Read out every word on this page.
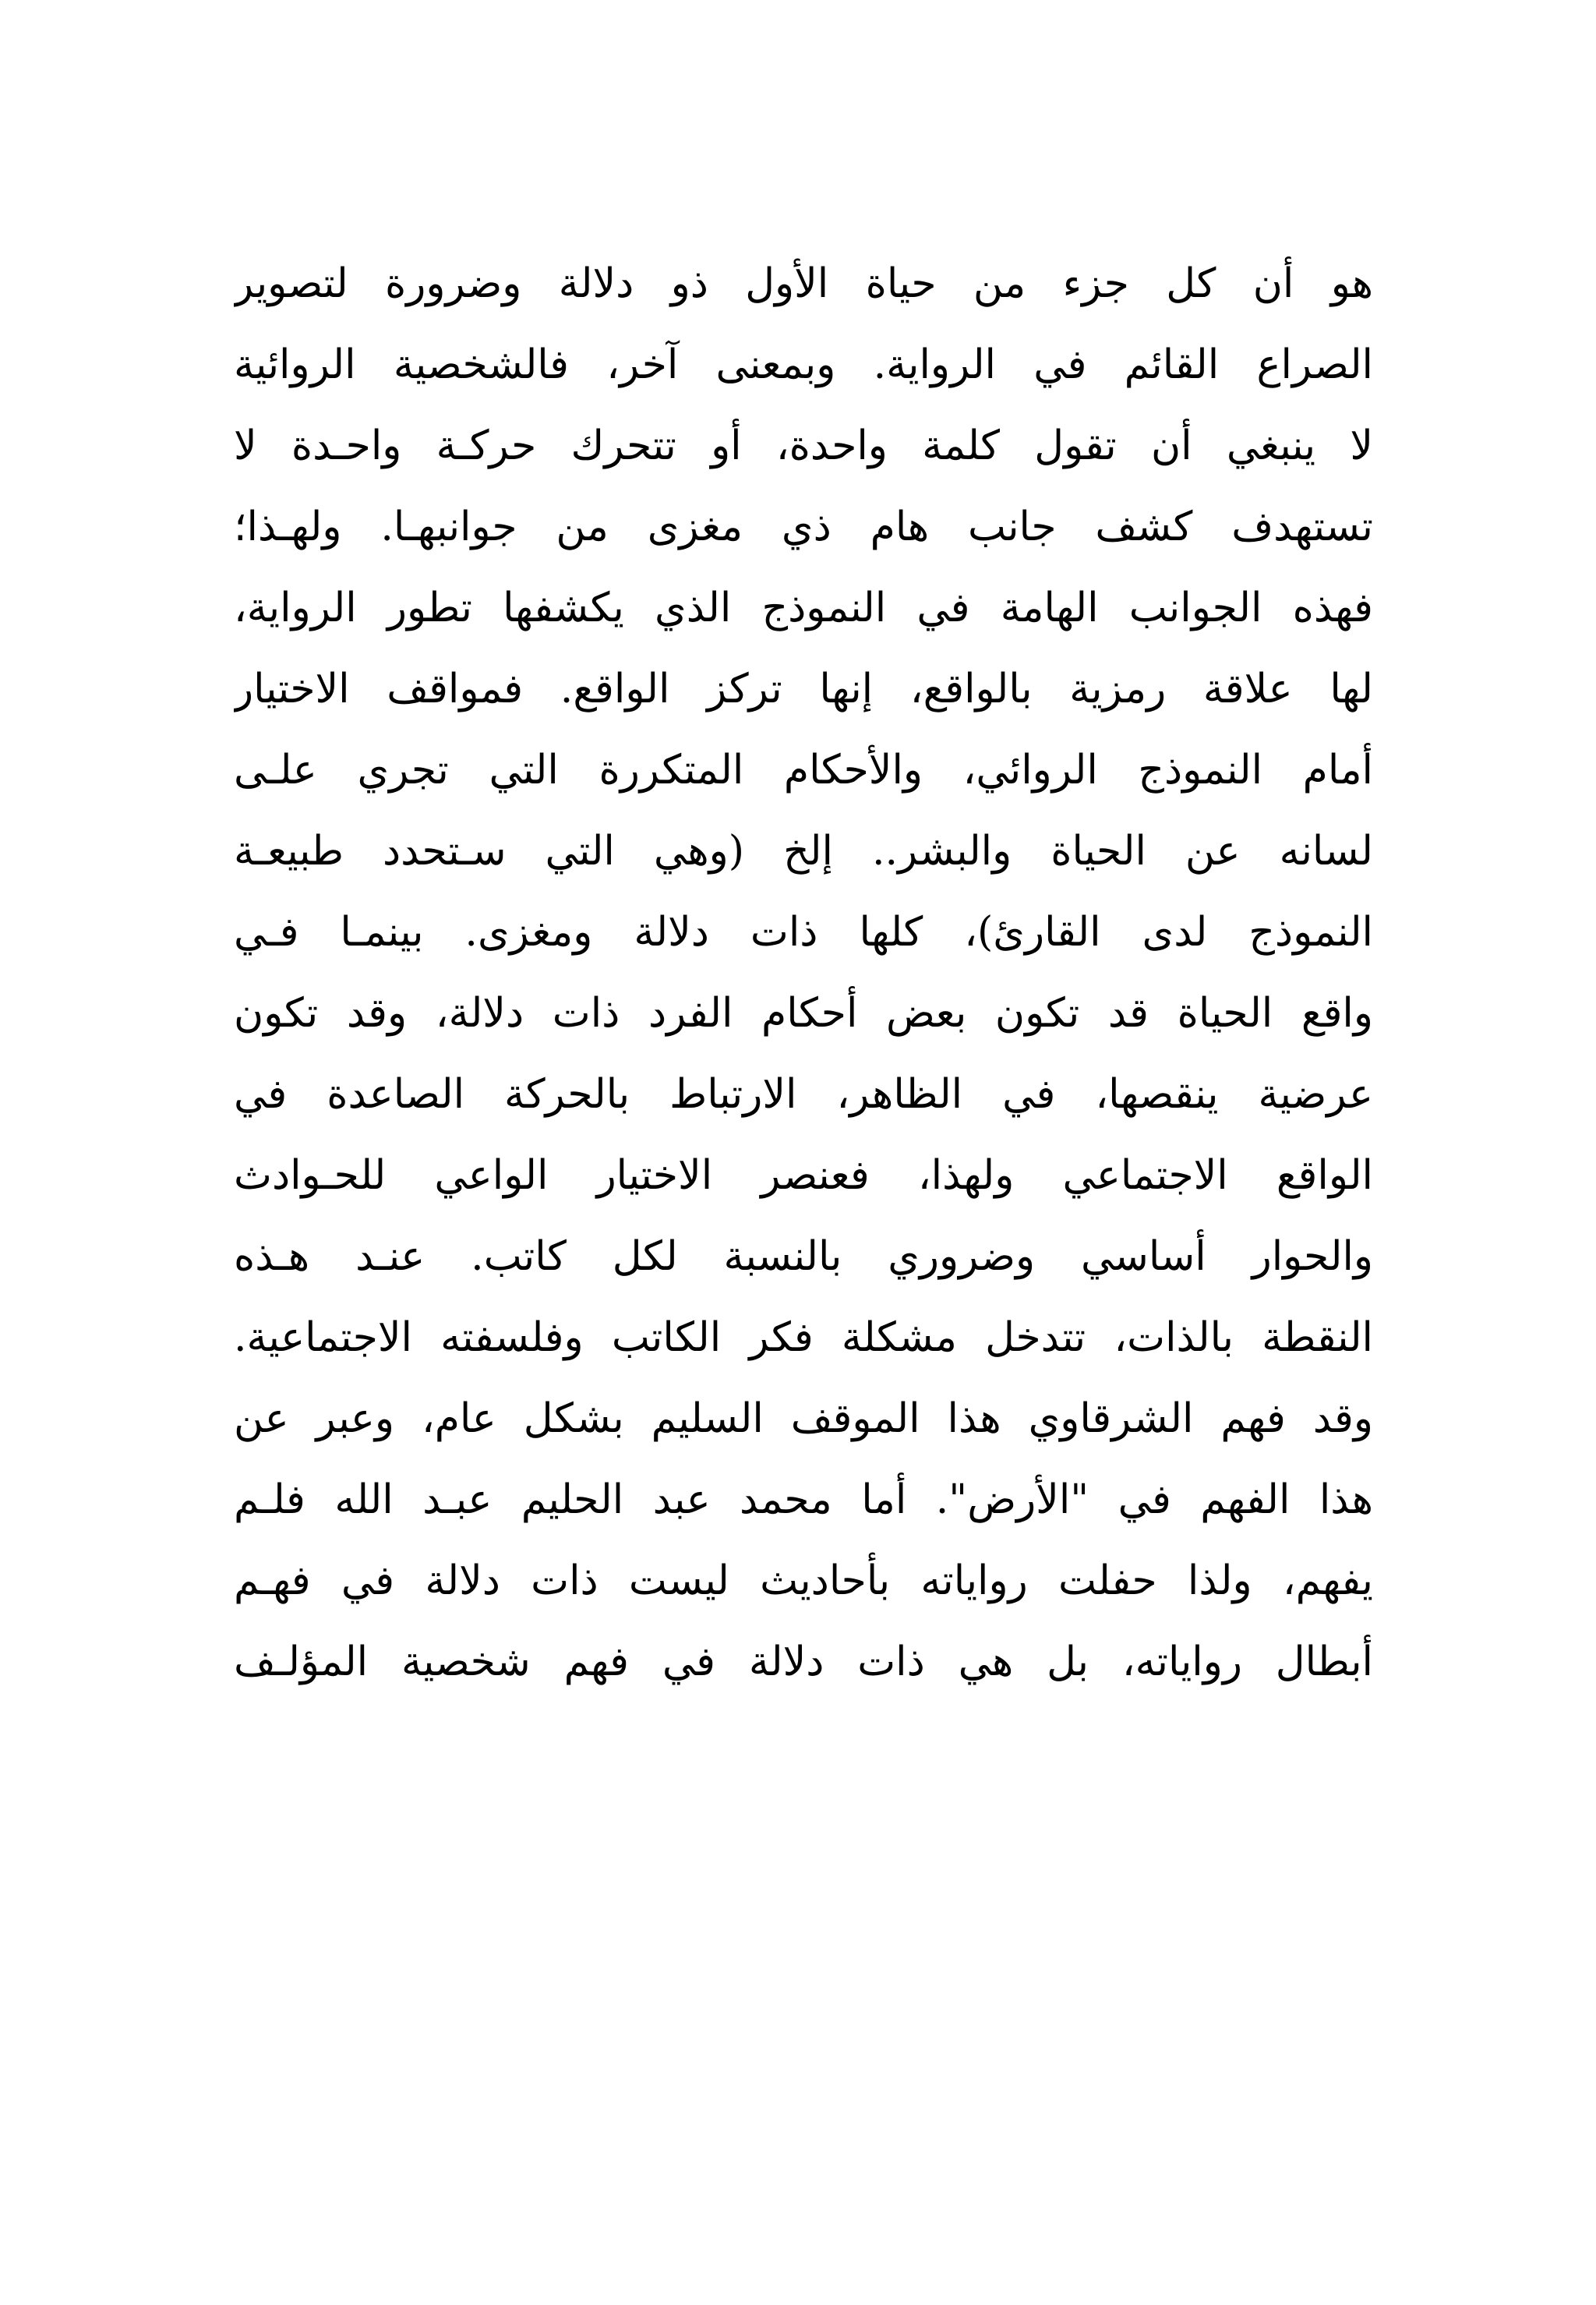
هو أن كل جزء من حياة الأول ذو دلالة وضرورة لتصوير
الصراع القائم في الرواية. وبمعنى آخر، فالشخصية الروائية
لا ينبغي أن تقول كلمة واحدة، أو تتحرك حركـة واحـدة لا
تستهدف كشف جانب هام ذي مغزى من جوانبهـا. ولهـذا؛
فهذه الجوانب الهامة في النموذج الذي يكشفها تطور الرواية،
لها علاقة رمزية بالواقع، إنها تركز الواقع. فمواقف الاختيار
أمام النموذج الروائي، والأحكام المتكررة التي تجري علـى
لسانه عن الحياة والبشر.. إلخ (وهي التي سـتحدد طبيعـة
النموذج لدى القارئ)، كلها ذات دلالة ومغزى. بينمـا فـي
واقع الحياة قد تكون بعض أحكام الفرد ذات دلالة، وقد تكون
عرضية ينقصها، في الظاهر، الارتباط بالحركة الصاعدة في
الواقع الاجتماعي ولهذا، فعنصر الاختيار الواعي للحـوادث
والحوار أساسي وضروري بالنسبة لكل كاتب. عنـد هـذه
النقطة بالذات، تتدخل مشكلة فكر الكاتب وفلسفته الاجتماعية.
وقد فهم الشرقاوي هذا الموقف السليم بشكل عام، وعبر عن
هذا الفهم في "الأرض". أما محمد عبد الحليم عبـد الله فلـم
يفهم، ولذا حفلت رواياته بأحاديث ليست ذات دلالة في فهـم
أبطال رواياته، بل هي ذات دلالة في فهم شخصية المؤلـف
